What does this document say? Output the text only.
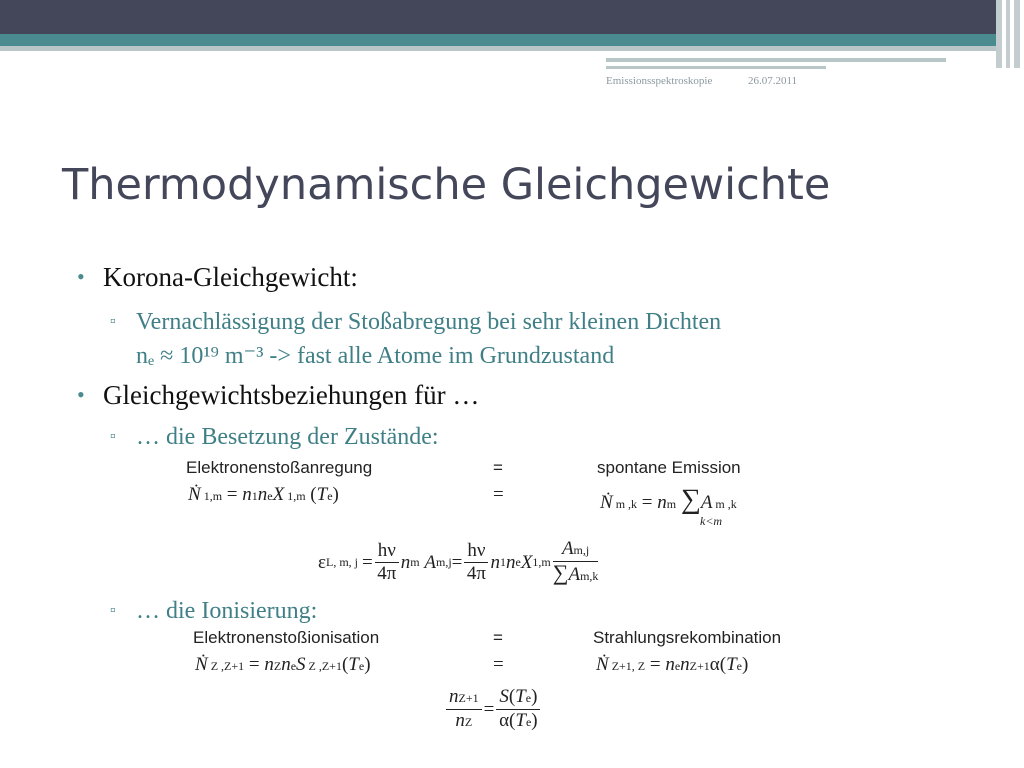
Emissionsspektroskopie	26.07.2011
Thermodynamische Gleichgewichte
• Korona-Gleichgewicht:
▫ Vernachlässigung der Stoßabregung bei sehr kleinen Dichten
nₑ ≈ 10¹⁹ m⁻³ -> fast alle Atome im Grundzustand
• Gleichgewichtsbeziehungen für …
▫ … die Besetzung der Zustände:
Elektronenstoßanregung	=	spontane Emission
Ṅ 1,m = n1neX 1,m (Te)	=	Ṅ m ,k = nm ∑A m ,k
k<m
ε L, m, $j = \frac{h\nu}{4\pi}$ n m
A $m,j = \frac{h\nu}{4\pi}$ n 1 n e X $1,m \frac{Am,j}{\sum Am,k}$
▫ … die Ionisierung:
Elektronenstoßionisation	=	Strahlungsrekombination
Ṅ Z ,Z+1 = nZneS Z ,Z+1(Te)	=	Ṅ Z+1, Z = nenZ+1α(Te)
$\frac{nZ+1}{nZ} = \frac{S(Te)}{\alpha(Te)}$
